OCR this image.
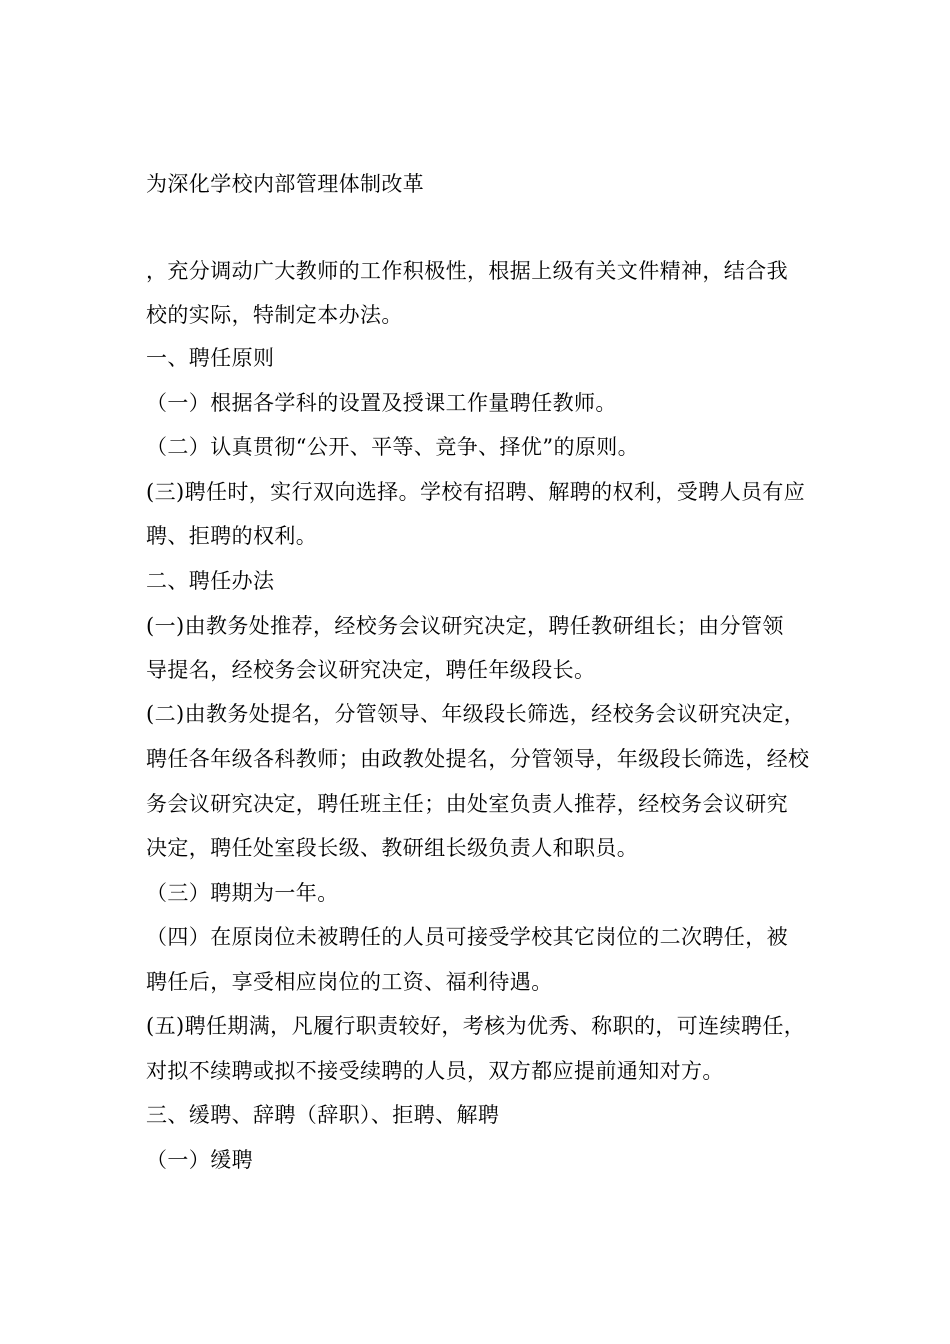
为深化学校内部管理体制改革
，充分调动广大教师的工作积极性，根据上级有关文件精神，结合我
校的实际，特制定本办法。
一、聘任原则
（一）根据各学科的设置及授课工作量聘任教师。
（二）认真贯彻“公开、平等、竞争、择优”的原则。
(三)聘任时，实行双向选择。学校有招聘、解聘的权利，受聘人员有应
聘、拒聘的权利。
二、聘任办法
(一)由教务处推荐，经校务会议研究决定，聘任教研组长；由分管领
导提名，经校务会议研究决定，聘任年级段长。
(二)由教务处提名，分管领导、年级段长筛选，经校务会议研究决定，
聘任各年级各科教师；由政教处提名，分管领导，年级段长筛选，经校
务会议研究决定，聘任班主任；由处室负责人推荐，经校务会议研究
决定，聘任处室段长级、教研组长级负责人和职员。
（三）聘期为一年。
（四）在原岗位未被聘任的人员可接受学校其它岗位的二次聘任，被
聘任后，享受相应岗位的工资、福利待遇。
(五)聘任期满，凡履行职责较好，考核为优秀、称职的，可连续聘任，
对拟不续聘或拟不接受续聘的人员，双方都应提前通知对方。
三、缓聘、辞聘（辞职）、拒聘、解聘
（一）缓聘
